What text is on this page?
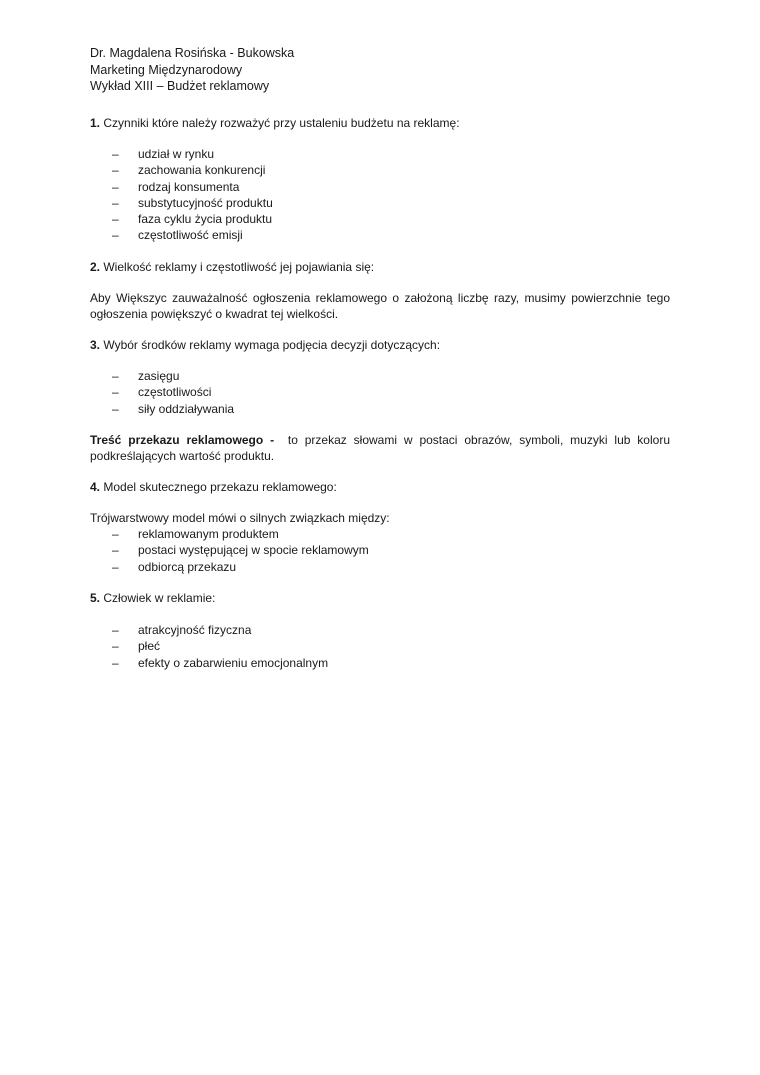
Dr. Magdalena Rosińska - Bukowska
Marketing Międzynarodowy
Wykład XIII – Budżet reklamowy
1. Czynniki które należy rozważyć przy ustaleniu budżetu na reklamę:
– udział w rynku
– zachowania konkurencji
– rodzaj konsumenta
– substytucyjność produktu
– faza cyklu życia produktu
– częstotliwość emisji
2. Wielkość reklamy i częstotliwość jej pojawiania się:
Aby Większyc zauważalność ogłoszenia reklamowego o założoną liczbę razy, musimy powierzchnie tego ogłoszenia powiększyć o kwadrat tej wielkości.
3. Wybór środków reklamy wymaga podjęcia decyzji dotyczących:
– zasięgu
– częstotliwości
– siły oddziaływania
Treść przekazu reklamowego - to przekaz słowami w postaci obrazów, symboli, muzyki lub koloru podkreślających wartość produktu.
4. Model skutecznego przekazu reklamowego:
Trójwarstwowy model mówi o silnych związkach między:
– reklamowanym produktem
– postaci występującej w spocie reklamowym
– odbiorcą przekazu
5. Człowiek w reklamie:
– atrakcyjność fizyczna
– płeć
– efekty o zabarwieniu emocjonalnym
